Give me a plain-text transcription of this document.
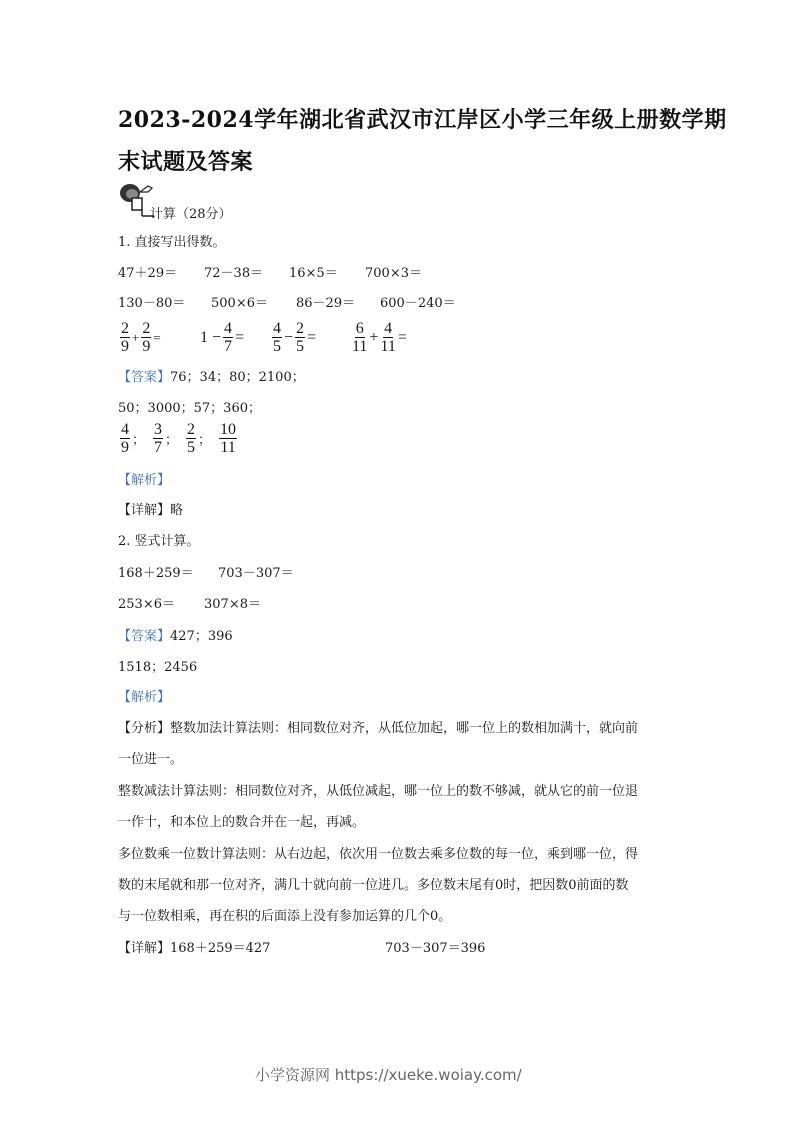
2023-2024学年湖北省武汉市江岸区小学三年级上册数学期
末试题及答案
计算（28分）
1. 直接写出得数。
47＋29＝ 72－38＝ 16×5＝ 700×3＝
130－80＝ 500×6＝ 86－29＝ 600－240＝
$\frac{2}{9} + \frac{2}{9} = 1 - \frac{4}{7} = \frac{4}{5} - \frac{2}{5} = \frac{6}{11} + \frac{4}{11}$ =
【答案】76；34；80；2100；
50；3000；57；360；
$\frac{4}{9}$ ； $\frac{3}{7}$ ； $\frac{2}{5}$ ； $\frac{10}{11}$
【解析】
【详解】略
2. 竖式计算。
168＋259＝ 703－307＝
253×6＝ 307×8＝
【答案】427；396
1518；2456
【解析】
【分析】整数加法计算法则：相同数位对齐，从低位加起，哪一位上的数相加满十，就向前
一位进一。
整数减法计算法则：相同数位对齐，从低位减起，哪一位上的数不够减，就从它的前一位退
一作十，和本位上的数合并在一起，再减。
多位数乘一位数计算法则：从右边起，依次用一位数去乘多位数的每一位，乘到哪一位，得
数的末尾就和那一位对齐，满几十就向前一位进几。多位数末尾有0时，把因数0前面的数
与一位数相乘，再在积的后面添上没有参加运算的几个0。
【详解】168＋259＝427	703－307＝396
小学资源网 https://xueke.woiay.com/
